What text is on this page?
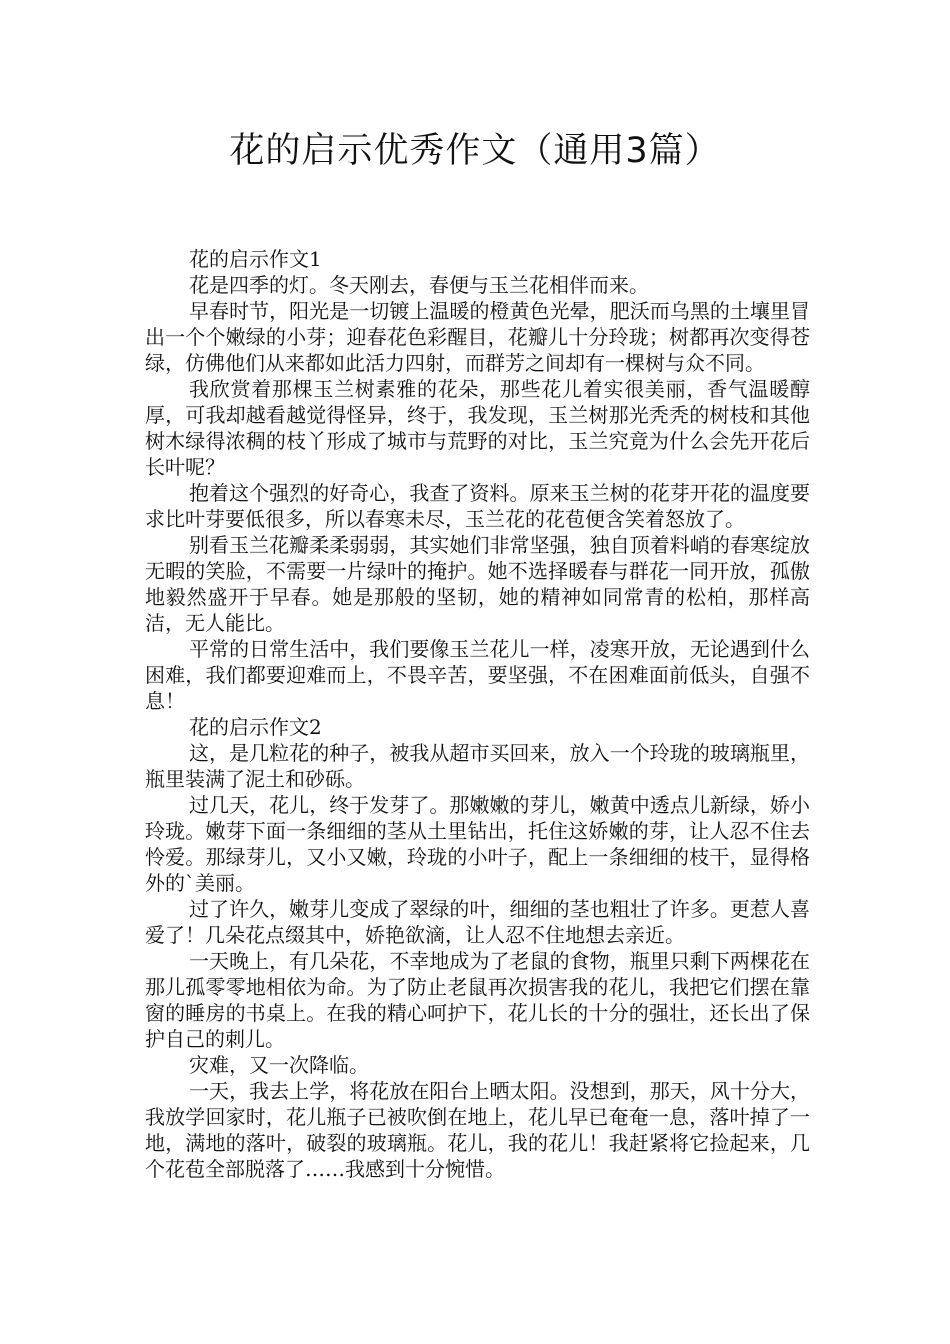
花的启示优秀作文（通用3篇）

花的启示作文1

花是四季的灯。冬天刚去，春便与玉兰花相伴而来。

早春时节，阳光是一切镀上温暖的橙黄色光晕，肥沃而乌黑的土壤里冒出一个个嫩绿的小芽；迎春花色彩醒目，花瓣儿十分玲珑；树都再次变得苍绿，仿佛他们从来都如此活力四射，而群芳之间却有一棵树与众不同。

我欣赏着那棵玉兰树素雅的花朵，那些花儿着实很美丽，香气温暖醇厚，可我却越看越觉得怪异，终于，我发现，玉兰树那光秃秃的树枝和其他树木绿得浓稠的枝丫形成了城市与荒野的对比，玉兰究竟为什么会先开花后长叶呢？

抱着这个强烈的好奇心，我查了资料。原来玉兰树的花芽开花的温度要求比叶芽要低很多，所以春寒未尽，玉兰花的花苞便含笑着怒放了。

别看玉兰花瓣柔柔弱弱，其实她们非常坚强，独自顶着料峭的春寒绽放无暇的笑脸，不需要一片绿叶的掩护。她不选择暖春与群花一同开放，孤傲地毅然盛开于早春。她是那般的坚韧，她的精神如同常青的松柏，那样高洁，无人能比。

平常的日常生活中，我们要像玉兰花儿一样，凌寒开放，无论遇到什么困难，我们都要迎难而上，不畏辛苦，要坚强，不在困难面前低头，自强不息！

花的启示作文2

这，是几粒花的种子，被我从超市买回来，放入一个玲珑的玻璃瓶里，瓶里装满了泥土和砂砾。

过几天，花儿，终于发芽了。那嫩嫩的芽儿，嫩黄中透点儿新绿，娇小玲珑。嫩芽下面一条细细的茎从土里钻出，托住这娇嫩的芽，让人忍不住去怜爱。那绿芽儿，又小又嫩，玲珑的小叶子，配上一条细细的枝干，显得格外的`美丽。

过了许久，嫩芽儿变成了翠绿的叶，细细的茎也粗壮了许多。更惹人喜爱了！几朵花点缀其中，娇艳欲滴，让人忍不住地想去亲近。

一天晚上，有几朵花，不幸地成为了老鼠的食物，瓶里只剩下两棵花在那儿孤零零地相依为命。为了防止老鼠再次损害我的花儿，我把它们摆在靠窗的睡房的书桌上。在我的精心呵护下，花儿长的十分的强壮，还长出了保护自己的刺儿。

灾难，又一次降临。

一天，我去上学，将花放在阳台上晒太阳。没想到，那天，风十分大，我放学回家时，花儿瓶子已被吹倒在地上，花儿早已奄奄一息，落叶掉了一地，满地的落叶，破裂的玻璃瓶。花儿，我的花儿！我赶紧将它捡起来，几个花苞全部脱落了……我感到十分惋惜。
